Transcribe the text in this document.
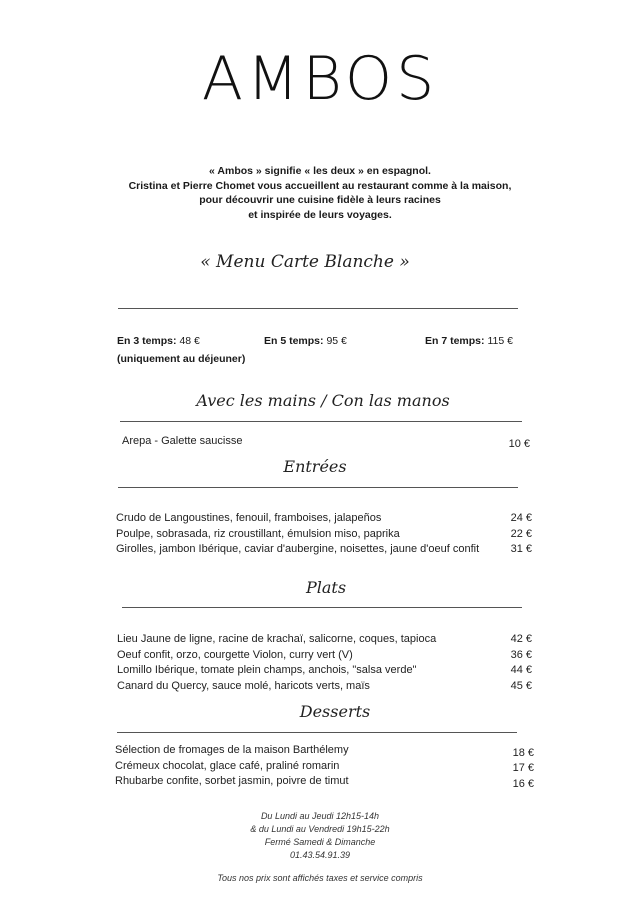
AMBOS
« Ambos » signifie « les deux » en espagnol.
Cristina et Pierre Chomet vous accueillent au restaurant comme à la maison,
pour découvrir une cuisine fidèle à leurs racines
et inspirée de leurs voyages.
« Menu Carte Blanche »
En 3 temps: 48 €
(uniquement au déjeuner)
En 5 temps: 95 €	En 7 temps: 115 €
Avec les mains / Con las manos
Arepa - Galette saucisse	10 €
Entrées
Crudo de Langoustines, fenouil, framboises, jalapeños	24 €
Poulpe, sobrasada, riz croustillant, émulsion miso, paprika	22 €
Girolles, jambon Ibérique, caviar d'aubergine, noisettes, jaune d'oeuf confit	31 €
Plats
Lieu Jaune de ligne, racine de krachaï, salicorne, coques, tapioca	42 €
Oeuf confit, orzo, courgette Violon, curry vert (V)	36 €
Lomillo Ibérique, tomate plein champs, anchois, "salsa verde"	44 €
Canard du Quercy, sauce molé, haricots verts, maïs	45 €
Desserts
Sélection de fromages de la maison Barthélemy	18 €
Crémeux chocolat, glace café, praliné romarin	17 €
Rhubarbe confite, sorbet jasmin, poivre de timut	16 €
Du Lundi au Jeudi 12h15-14h
& du Lundi au Vendredi 19h15-22h
Fermé Samedi & Dimanche
01.43.54.91.39
Tous nos prix sont affichés taxes et service compris
